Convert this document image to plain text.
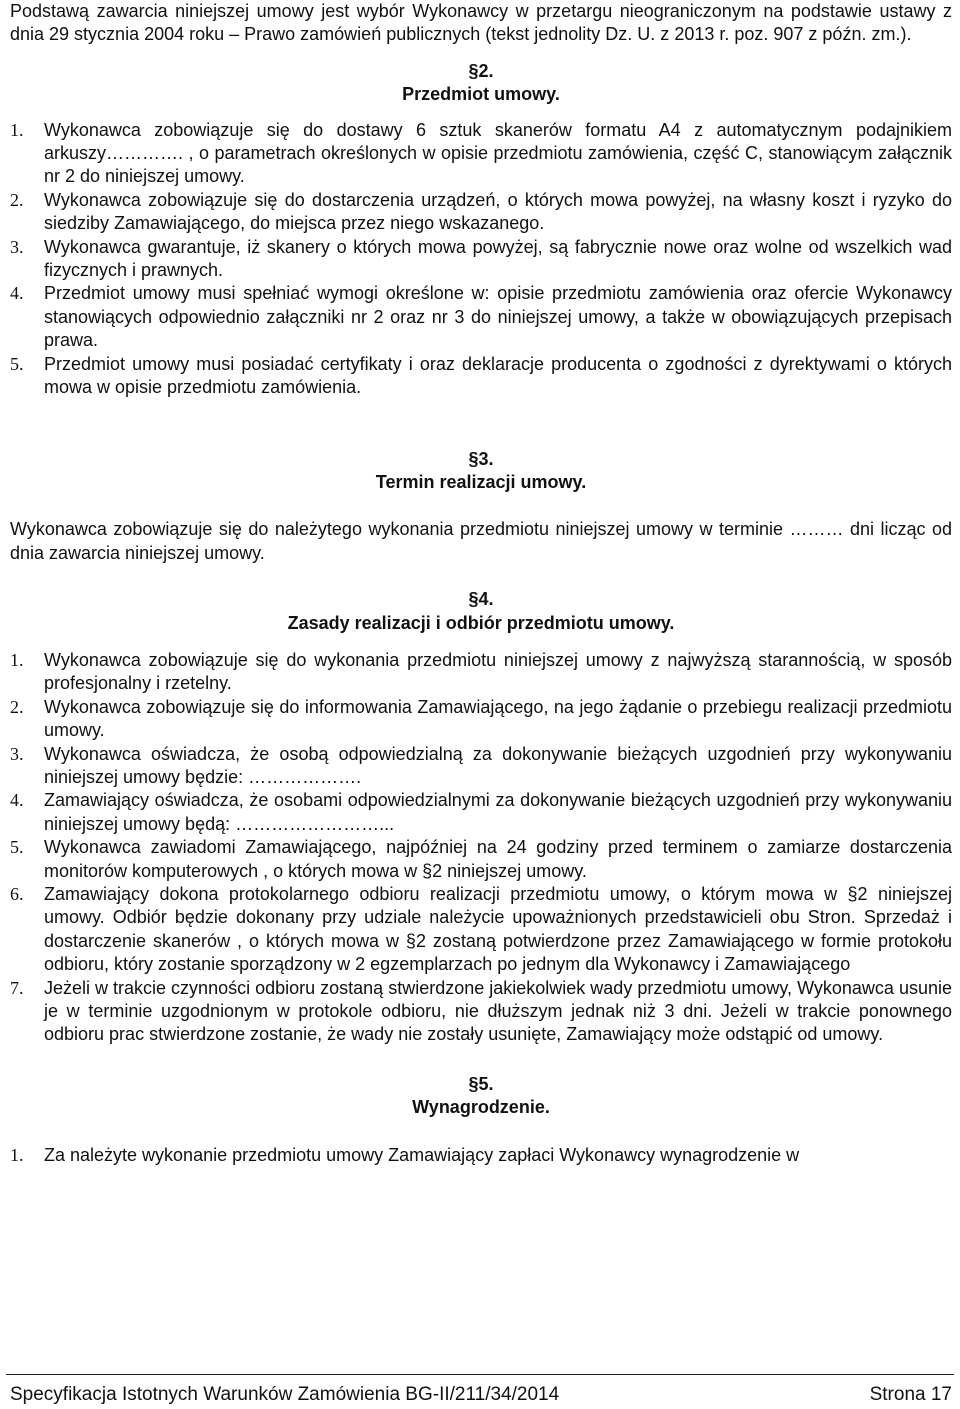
Podstawą zawarcia niniejszej umowy jest wybór Wykonawcy w przetargu nieograniczonym na podstawie ustawy z dnia 29 stycznia 2004 roku – Prawo zamówień publicznych (tekst jednolity Dz. U. z 2013 r. poz. 907 z późn. zm.).

§2.
Przedmiot umowy.
1.	Wykonawca zobowiązuje się do dostawy 6 sztuk skanerów formatu A4 z automatycznym podajnikiem arkuszy…………. , o parametrach określonych w opisie przedmiotu zamówienia, część C, stanowiącym załącznik nr 2 do niniejszej umowy.
2.	Wykonawca zobowiązuje się do dostarczenia urządzeń, o których mowa powyżej, na własny koszt i ryzyko do siedziby Zamawiającego, do miejsca przez niego wskazanego.
3.	Wykonawca gwarantuje, iż skanery o których mowa powyżej, są fabrycznie nowe oraz wolne od wszelkich wad fizycznych i prawnych.
4.	Przedmiot umowy musi spełniać wymogi określone w: opisie przedmiotu zamówienia oraz ofercie Wykonawcy stanowiących odpowiednio załączniki nr 2 oraz nr 3 do niniejszej umowy, a także w obowiązujących przepisach prawa.
5.	Przedmiot umowy musi posiadać certyfikaty i oraz deklaracje producenta o zgodności z dyrektywami o których mowa w opisie przedmiotu zamówienia.
§3.
Termin realizacji umowy.

Wykonawca zobowiązuje się do należytego wykonania przedmiotu niniejszej umowy w terminie ……… dni licząc od dnia zawarcia niniejszej umowy.

§4.
Zasady realizacji i odbiór przedmiotu umowy.
1.	Wykonawca zobowiązuje się do wykonania przedmiotu niniejszej umowy z najwyższą starannością, w sposób profesjonalny i rzetelny.
2.	Wykonawca zobowiązuje się do informowania Zamawiającego, na jego żądanie o przebiegu realizacji przedmiotu umowy.
3.	Wykonawca oświadcza, że osobą odpowiedzialną za dokonywanie bieżących uzgodnień przy wykonywaniu niniejszej umowy będzie: ……………….
4.	Zamawiający oświadcza, że osobami odpowiedzialnymi za dokonywanie bieżących uzgodnień przy wykonywaniu niniejszej umowy będą: ……………………...
5.	Wykonawca zawiadomi Zamawiającego, najpóźniej na 24 godziny przed terminem o zamiarze dostarczenia monitorów komputerowych , o których mowa w §2 niniejszej umowy.
6.	Zamawiający dokona protokolarnego odbioru realizacji przedmiotu umowy, o którym mowa w §2 niniejszej umowy. Odbiór będzie dokonany przy udziale należycie upoważnionych przedstawicieli obu Stron. Sprzedaż i dostarczenie skanerów , o których mowa w §2 zostaną potwierdzone przez Zamawiającego w formie protokołu odbioru, który zostanie sporządzony w 2 egzemplarzach po jednym dla Wykonawcy i Zamawiającego
7.	Jeżeli w trakcie czynności odbioru zostaną stwierdzone jakiekolwiek wady przedmiotu umowy, Wykonawca usunie je w terminie uzgodnionym w protokole odbioru, nie dłuższym jednak niż 3 dni. Jeżeli w trakcie ponownego odbioru prac stwierdzone zostanie, że wady nie zostały usunięte, Zamawiający może odstąpić od umowy.
§5.
Wynagrodzenie.
1.	Za należyte wykonanie przedmiotu umowy Zamawiający zapłaci Wykonawcy wynagrodzenie w
Specyfikacja Istotnych Warunków Zamówienia BG-II/211/34/2014	Strona 17
